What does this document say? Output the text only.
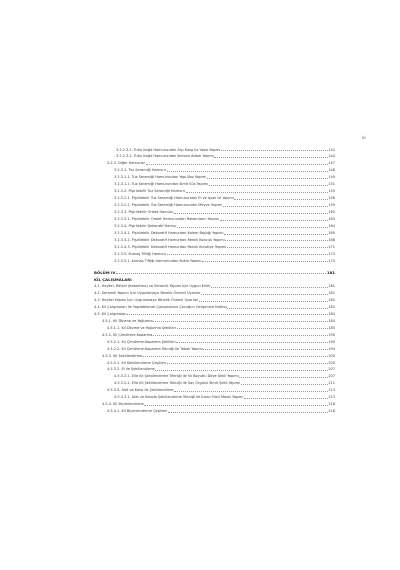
xi
3.2.2.3.1. Tutlu Kağıt Hamurundan Alçı Kalıp ile Vazo Yapımı	142
3.2.2.3.2. Tutlu Kağıt Hamurundan Kenzan Adam Yapımı	144
3.2.3. Diğer Hamurlar	147
3.2.3.1. Tuz Seramiği Hamuru	148
3.2.3.1.1. Tuz Seramiği Hamurundan Yapı-Boz Yapımı	149
3.2.3.1.2. Tuz Seramiği Hamurundan Simit Süs Yapımı	151
3.2.3.2. Pişirilebilir Tuz Seramiği Hamuru	155
3.2.3.2.1. Pişirilebilir Tuz Seramiği Hamurundan El ve Ayak İzi Yapımı	156
3.2.3.2.2. Pişirilebilir Tuz Seramiği Hamurundan Meyve Yapımı	159
3.2.3.3. Pişirilebilir Oralet Hamuru	162
3.2.3.3.1. Pişirilebilir Oralet Hamurundan Rakamların Yapımı	163
3.2.3.4. Pişirilebilir Dekoratif Hamur	164
3.2.3.4.1. Pişirilebilir Dekoratif Hamurdan Kalem Başlığı Yapımı	165
3.2.3.4.2. Pişirilebilir Dekoratif Hamurdan Renkli Boncuk Yapımı	168
3.2.3.4.3. Pişirilebilir Dekoratif Hamurdan Renkli Kuratiye Yapımı	171
3.2.3.5. Kumaş Tiftiği Hamuru	173
3.2.3.5.1. Kumaş Tiftiği Hamurundan Kukla Yapımı	174
BÖLÜM IV	181
KİL ÇALIŞMALARI
4.1. Heykel, Rölyef (Kabartma) ve Seramik Yapımı İçin Uygun Killer	181
4.2. Seramik Yapımı İçin Uygulamaya Yönelik Önemli Uyarılar	181
4.3. Heykel Yapımı İçin Uygulamaya Yönelik Önemli Uyarılar	182
4.4. Kil Çalışmaları ile Yapılabilecek Çalışmaların Çocuğun Gelişimine Katkısı	182
4.5. Kil Çalışmaları	184
4.5.1. Kil Dövme ve Yoğurma	184
4.5.1.1. Kil Dövme ve Yoğurma Şekilleri	185
4.5.2. Kil Çimdirme-Koparma	190
4.5.2.1. Kil Çimdirme-Koparma Şekilleri	190
4.5.2.2. Kil Çimdirme-Koparma Tekniği ile Tabak Yapımı	194
4.5.3. Kil Şekillendirme	200
4.5.3.1. Kil Şekillendirme Çeşitleri	200
4.5.3.2. El ile Şekillendirme	207
4.5.3.2.1. Elle Kil Şekillendirme Tekniği ile İki Boyutlu Deve Şekli Yapımı	207
4.5.3.2.2. Elle Kil Şekillendirme Tekniği ile Saç Örgüsü Simit Şekli Yapımı	211
4.5.3.3. Alet ve Kalıp ile Şekillendirme	213
4.5.3.3.1. Alet ve Kalıpla Şekillendirme Tekniği ile İnsan Yüzü Maskı Yapımı	213
4.5.4. Kil Biçimlendirme	218
4.5.4.1. Kil Biçimlendirme Çeşitleri	218
